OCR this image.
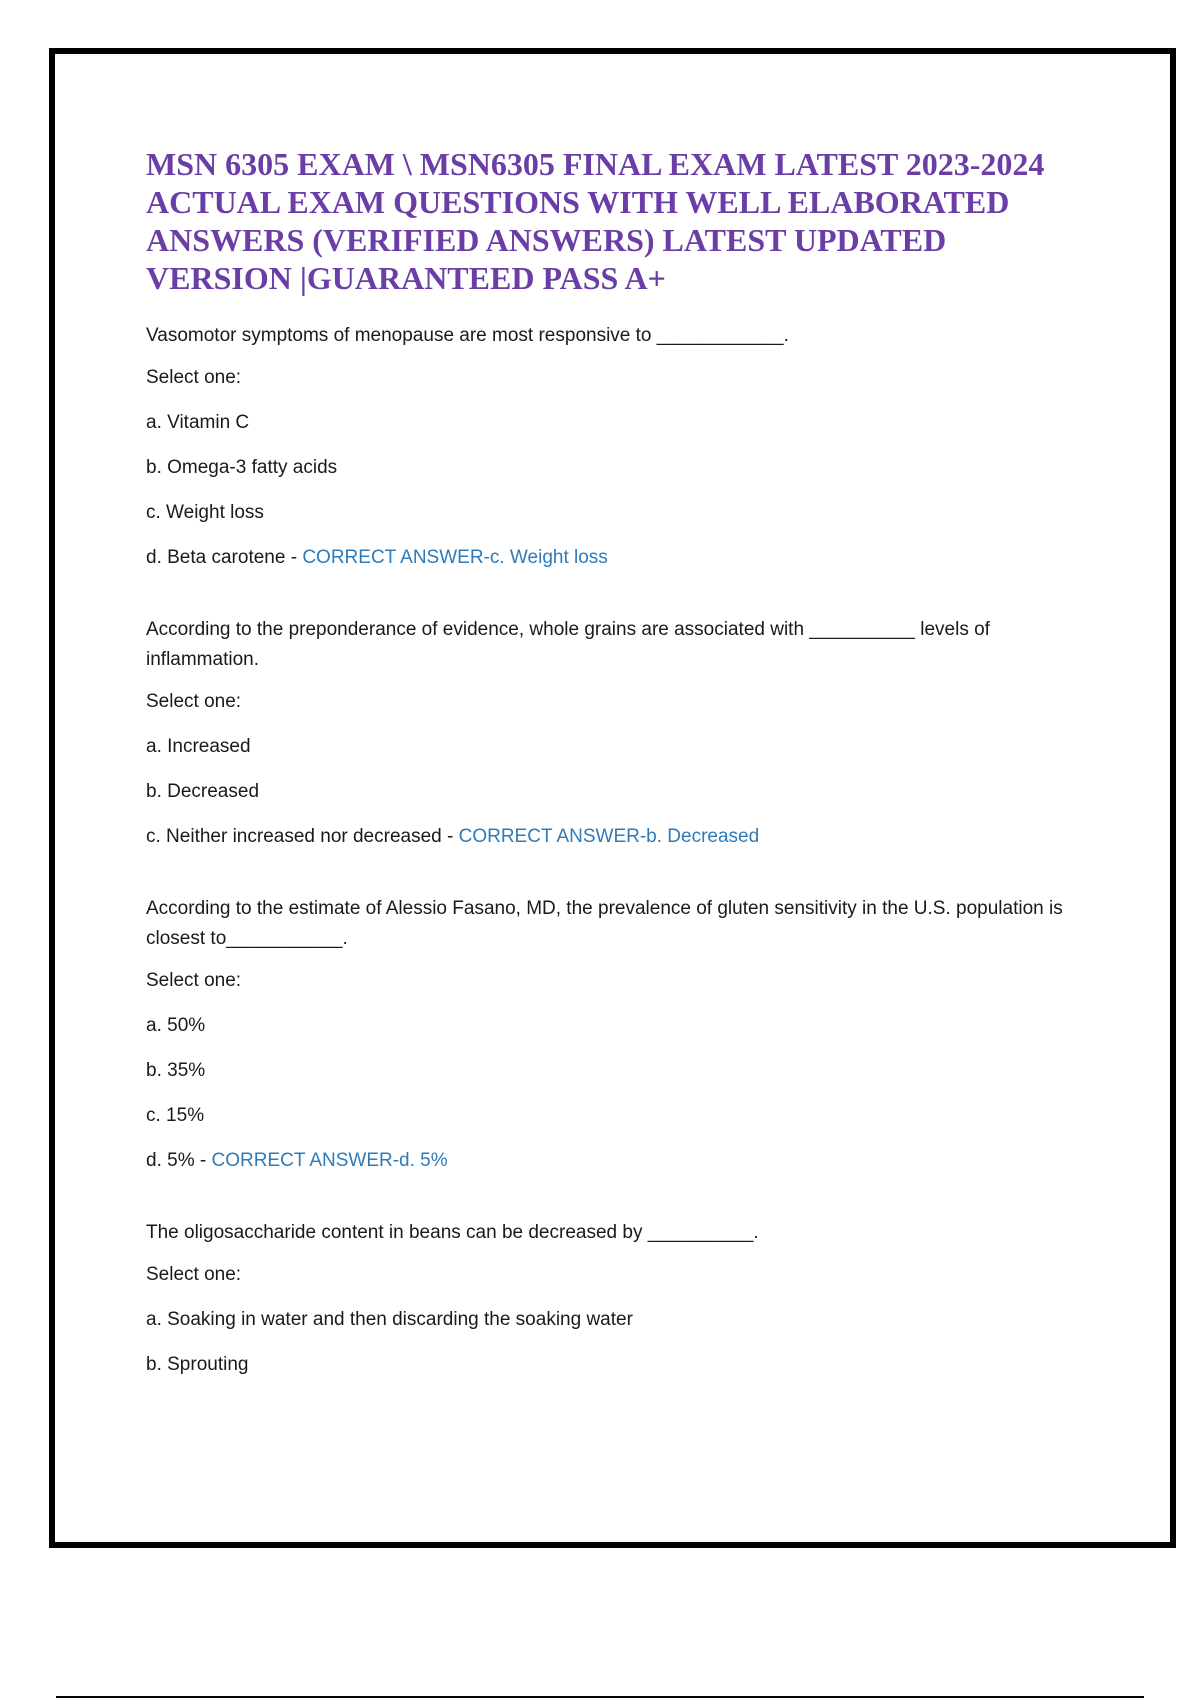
MSN 6305 EXAM \ MSN6305 FINAL EXAM LATEST 2023-2024 ACTUAL EXAM QUESTIONS WITH WELL ELABORATED ANSWERS (VERIFIED ANSWERS) LATEST UPDATED VERSION |GUARANTEED PASS A+

Vasomotor symptoms of menopause are most responsive to ____________.

Select one:

a. Vitamin C

b. Omega-3 fatty acids

c. Weight loss

d. Beta carotene - CORRECT ANSWER-c. Weight loss

According to the preponderance of evidence, whole grains are associated with __________ levels of inflammation.

Select one:

a. Increased

b. Decreased

c. Neither increased nor decreased - CORRECT ANSWER-b. Decreased

According to the estimate of Alessio Fasano, MD, the prevalence of gluten sensitivity in the U.S. population is closest to___________.

Select one:

a. 50%

b. 35%

c. 15%

d. 5% - CORRECT ANSWER-d. 5%

The oligosaccharide content in beans can be decreased by __________.

Select one:

a. Soaking in water and then discarding the soaking water

b. Sprouting
